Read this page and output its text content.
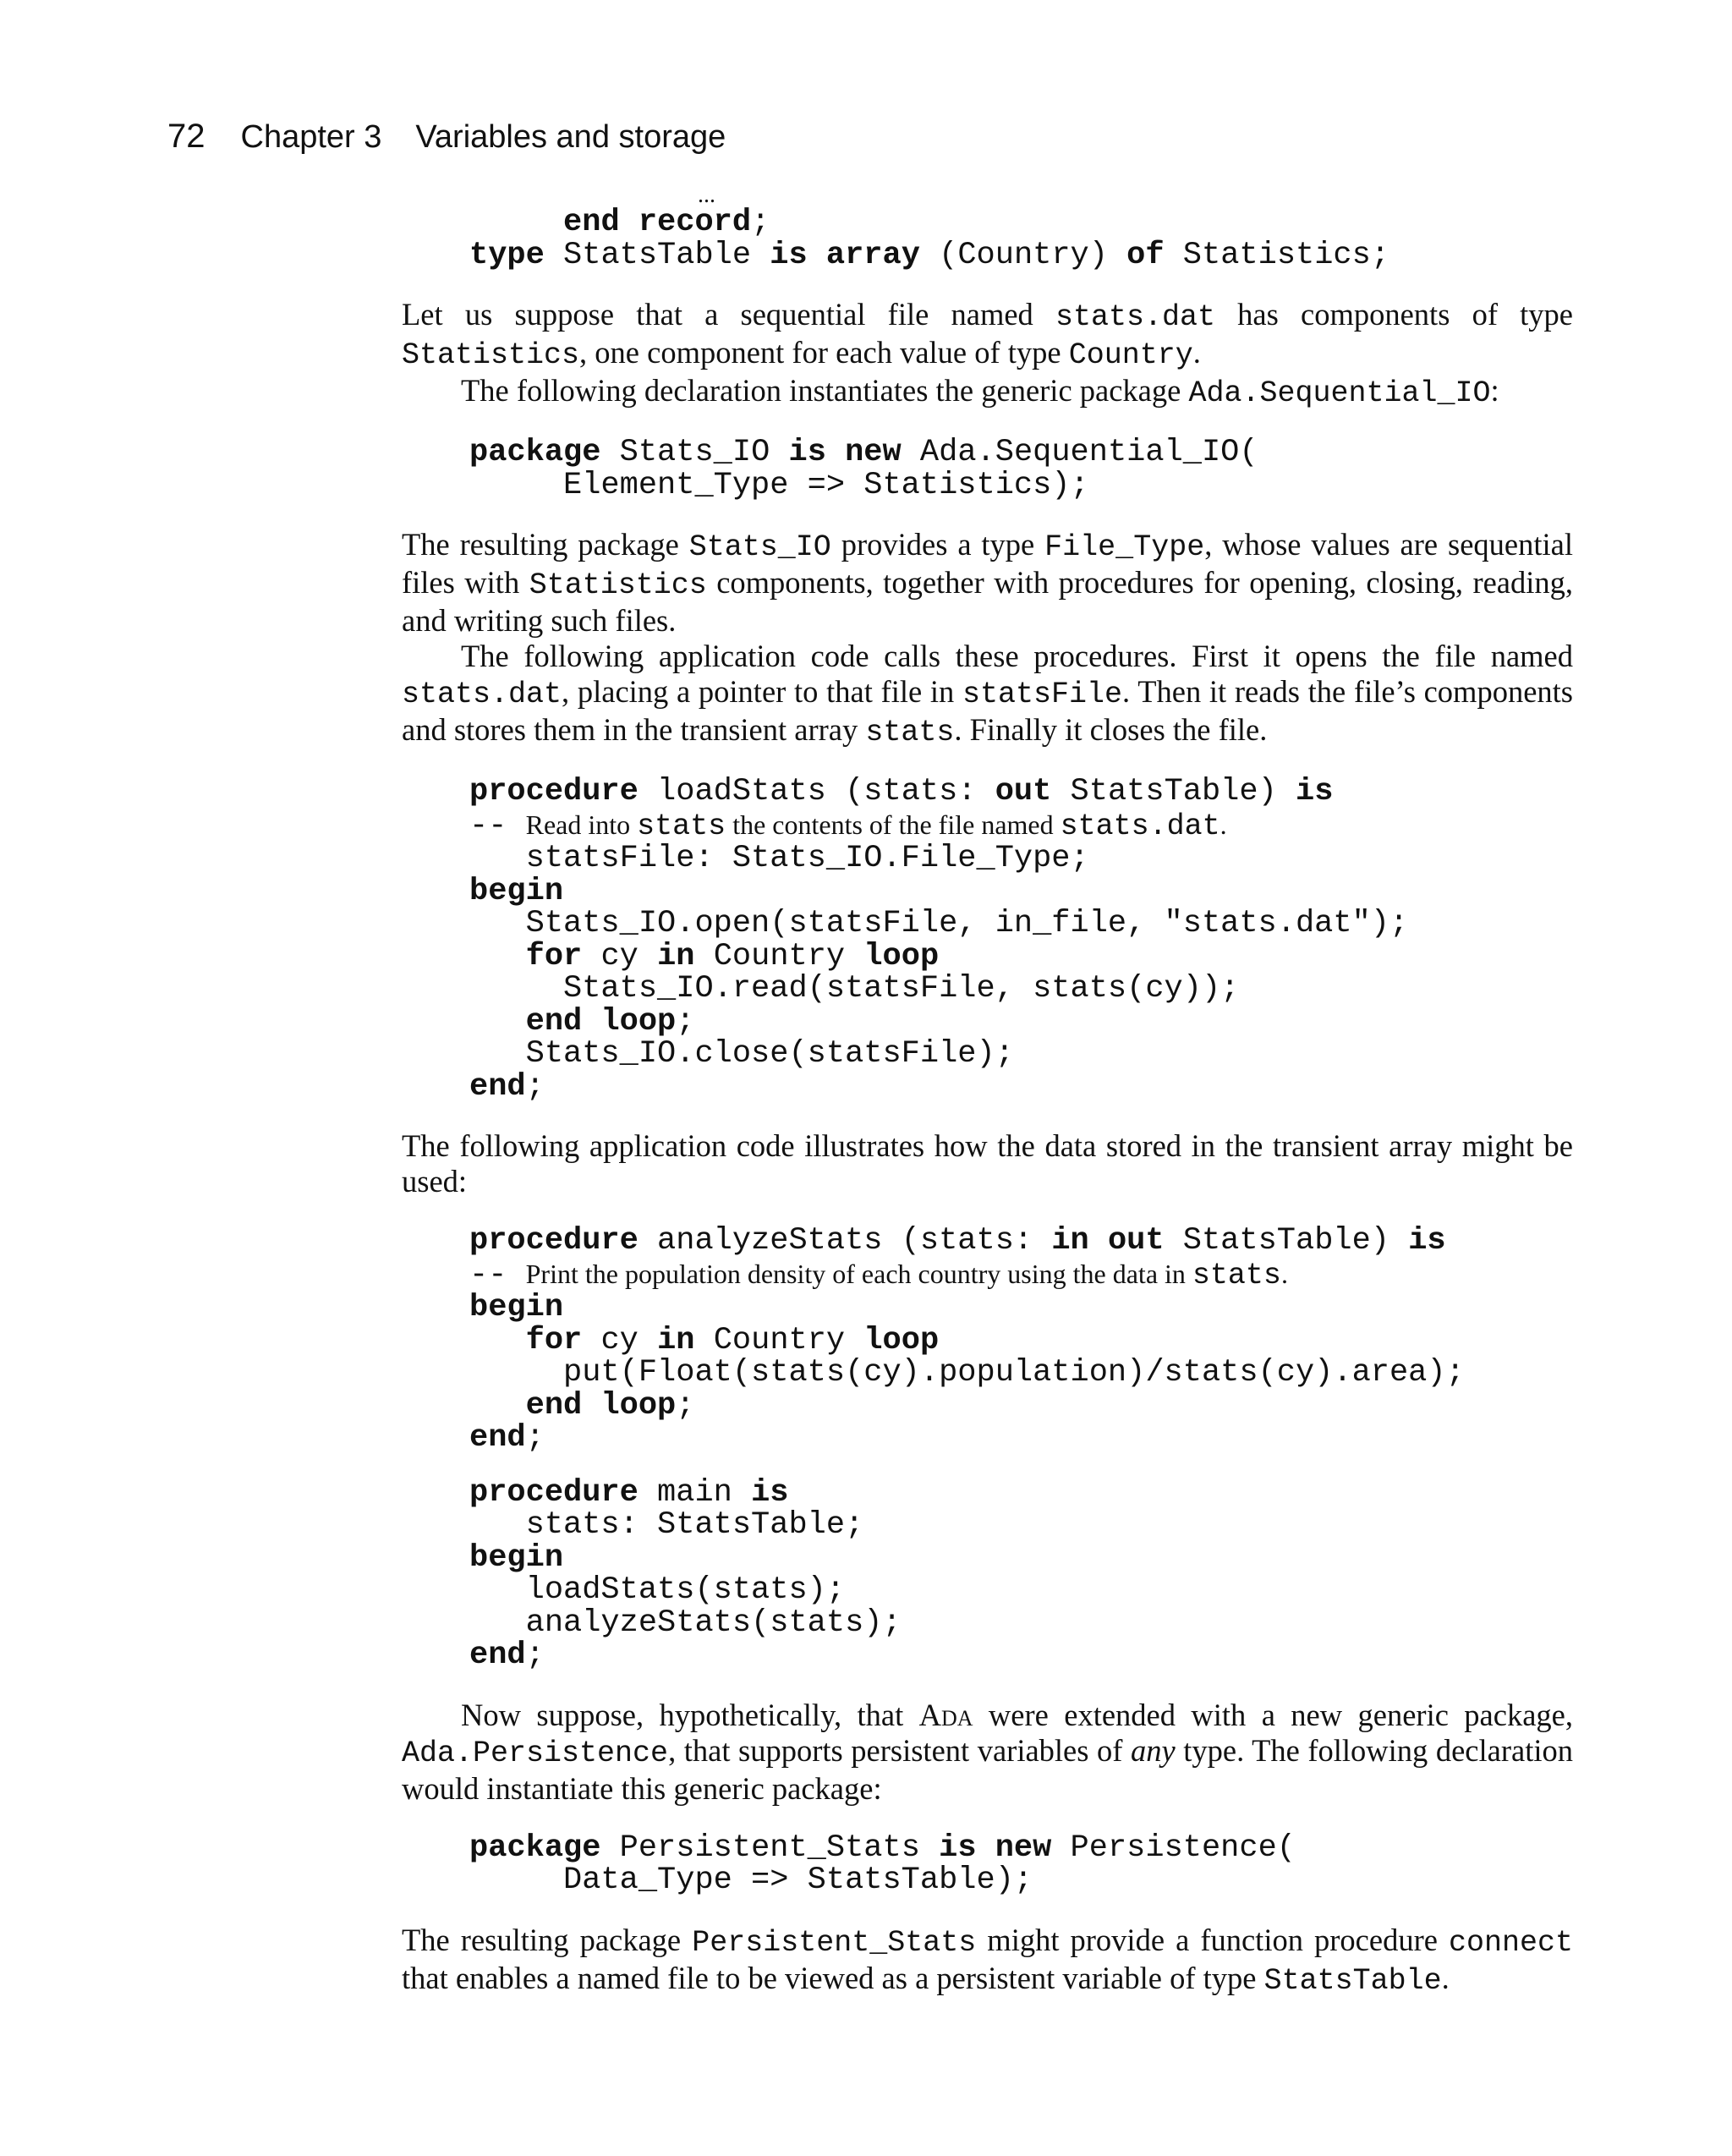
72 Chapter 3 Variables and storage
...
end record;
type StatsTable is array (Country) of Statistics;

Let us suppose that a sequential file named stats.dat has components of type Statistics, one component for each value of type Country.

The following declaration instantiates the generic package Ada.Sequential_IO:

package Stats_IO is new Ada.Sequential_IO(
Element_Type => Statistics);

The resulting package Stats_IO provides a type File_Type, whose values are sequential files with Statistics components, together with procedures for opening, closing, reading, and writing such files.

The following application code calls these procedures. First it opens the file named stats.dat, placing a pointer to that file in statsFile. Then it reads the file’s components and stores them in the transient array stats. Finally it closes the file.

procedure loadStats (stats: out StatsTable) is
-- Read into stats the contents of the file named stats.dat.
statsFile: Stats_IO.File_Type;
begin
Stats_IO.open(statsFile, in_file, "stats.dat");
for cy in Country loop
Stats_IO.read(statsFile, stats(cy));
end loop;
Stats_IO.close(statsFile);
end;

The following application code illustrates how the data stored in the transient array might be used:

procedure analyzeStats (stats: in out StatsTable) is
-- Print the population density of each country using the data in stats.
begin
for cy in Country loop
put(Float(stats(cy).population)/stats(cy).area);
end loop;
end;
procedure main is
stats: StatsTable;
begin
loadStats(stats);
analyzeStats(stats);
end;

Now suppose, hypothetically, that Ada were extended with a new generic package, Ada.Persistence, that supports persistent variables of any type. The following declaration would instantiate this generic package:

package Persistent_Stats is new Persistence(
Data_Type => StatsTable);

The resulting package Persistent_Stats might provide a function procedure connect that enables a named file to be viewed as a persistent variable of type StatsTable.
